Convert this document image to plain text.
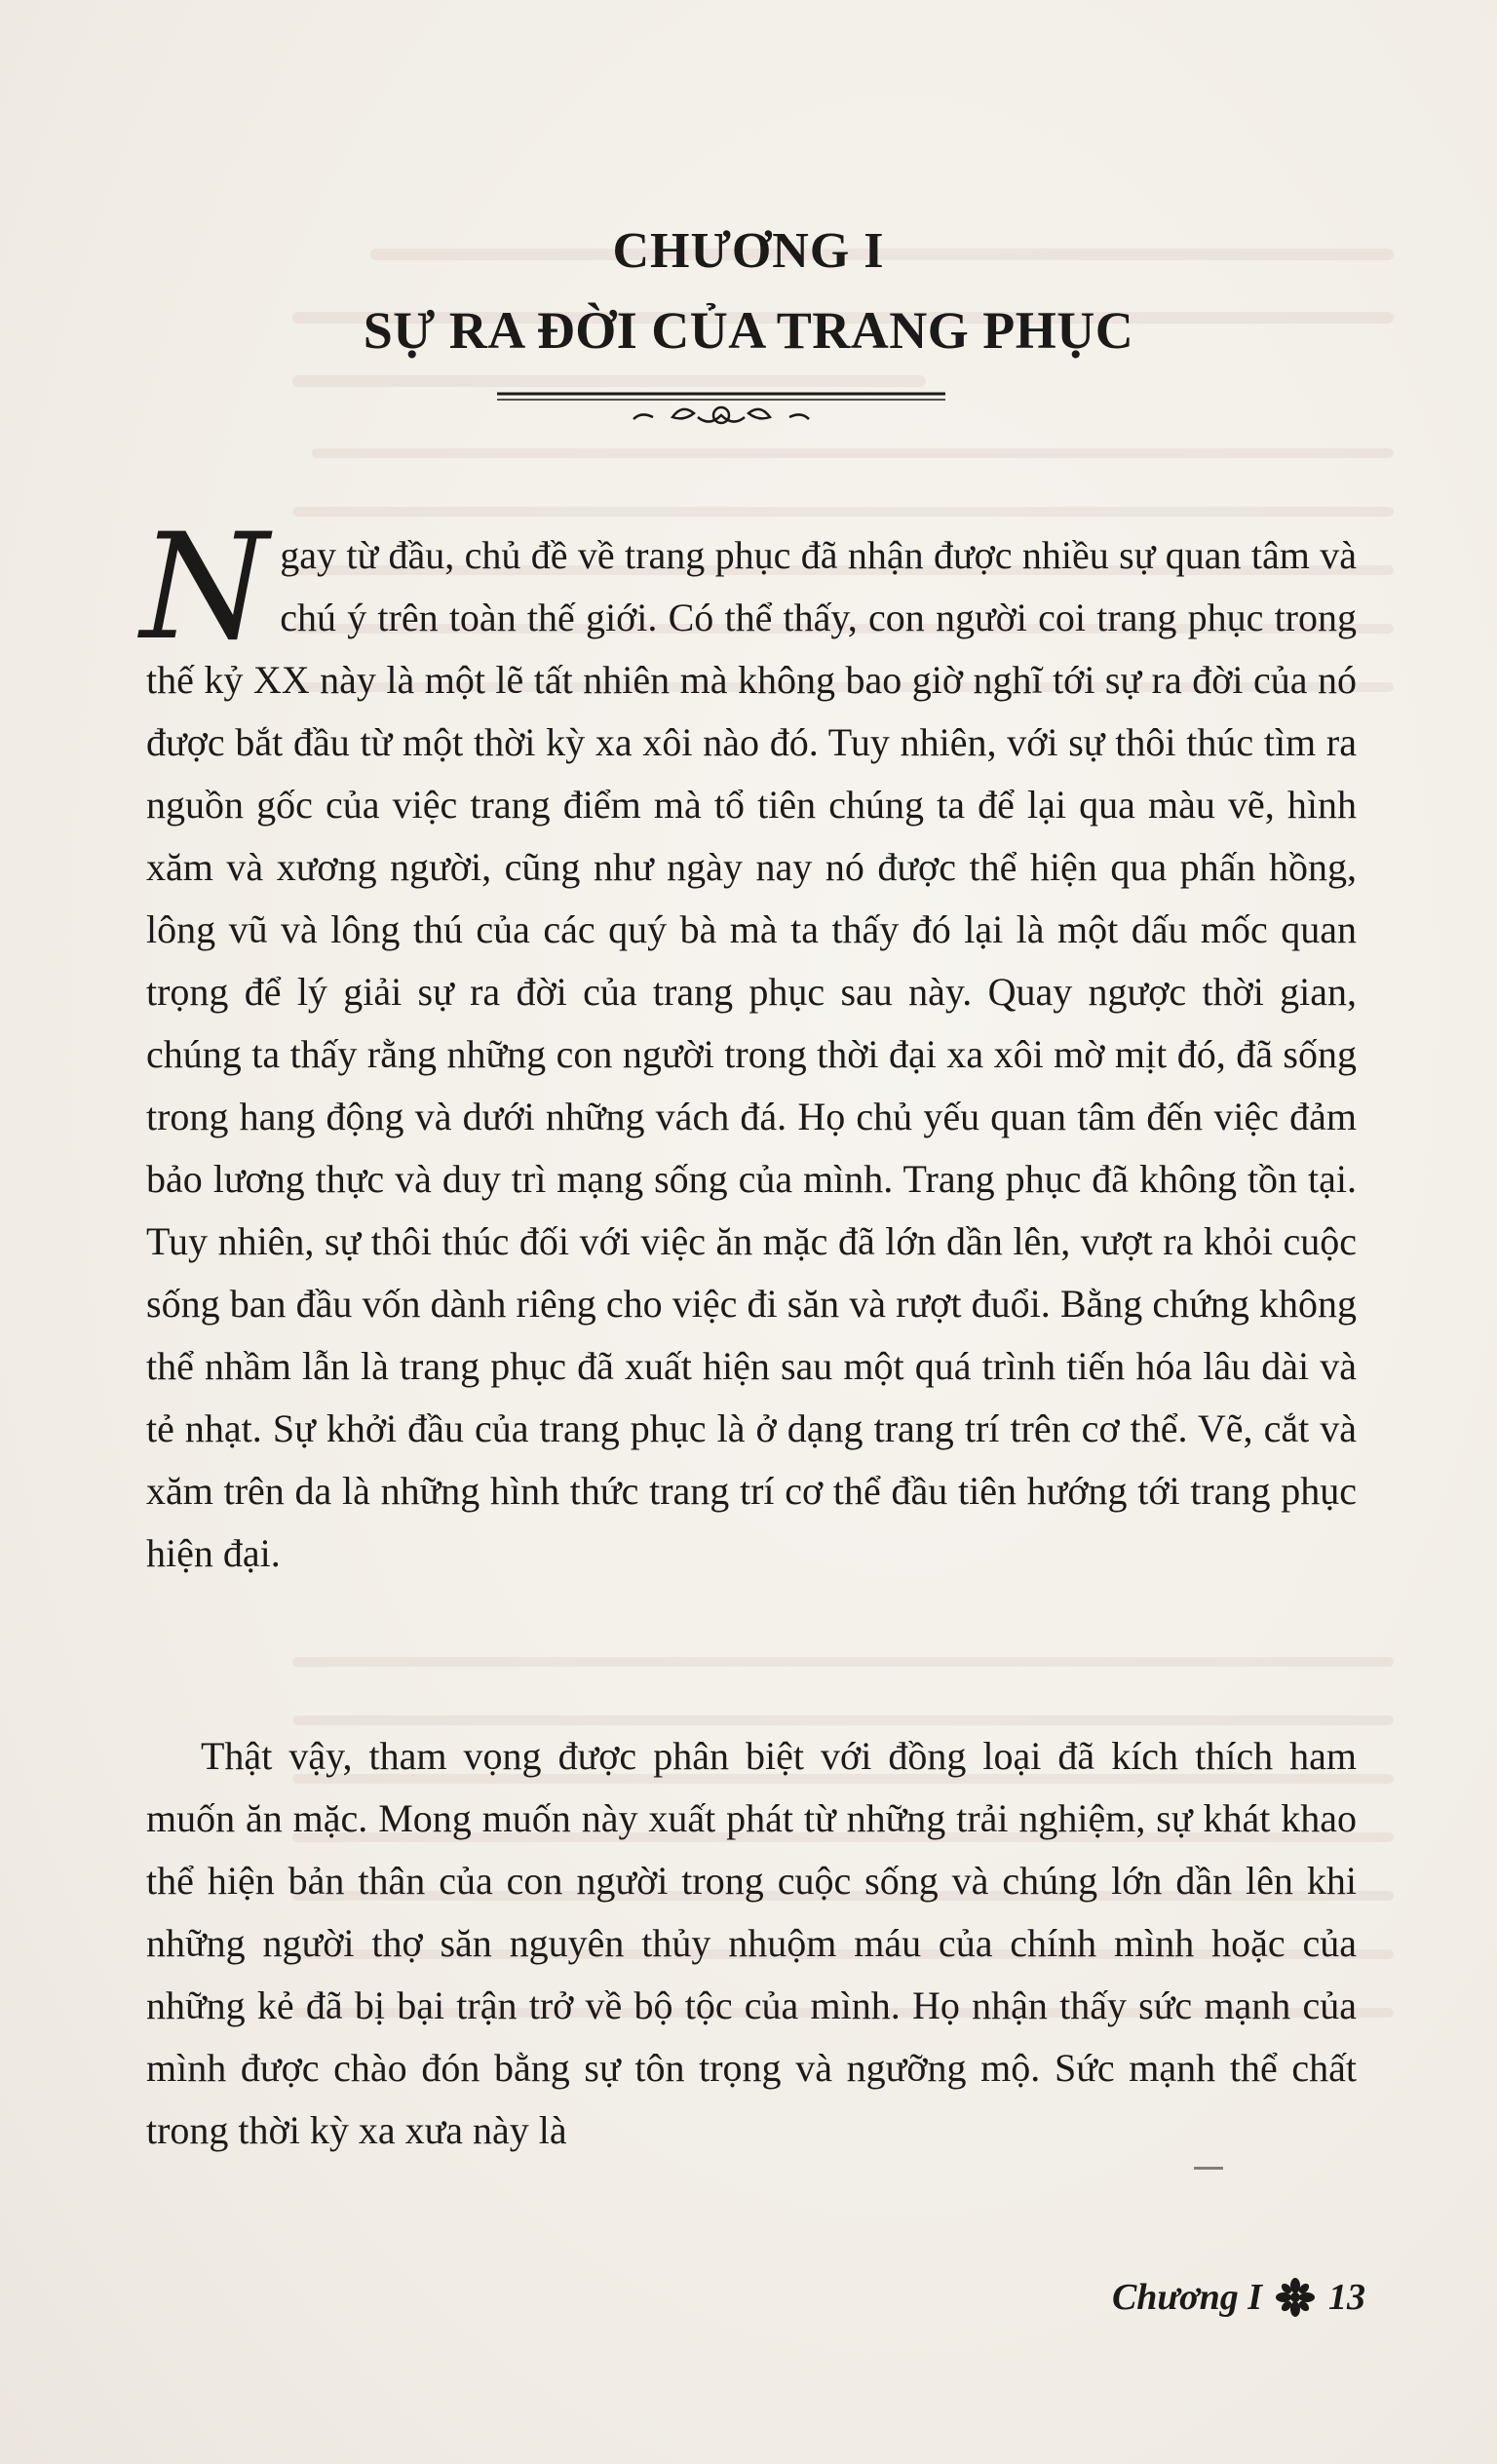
CHƯƠNG I
SỰ RA ĐỜI CỦA TRANG PHỤC
Ngay từ đầu, chủ đề về trang phục đã nhận được nhiều sự quan tâm và chú ý trên toàn thế giới. Có thể thấy, con người coi trang phục trong thế kỷ XX này là một lẽ tất nhiên mà không bao giờ nghĩ tới sự ra đời của nó được bắt đầu từ một thời kỳ xa xôi nào đó. Tuy nhiên, với sự thôi thúc tìm ra nguồn gốc của việc trang điểm mà tổ tiên chúng ta để lại qua màu vẽ, hình xăm và xương người, cũng như ngày nay nó được thể hiện qua phấn hồng, lông vũ và lông thú của các quý bà mà ta thấy đó lại là một dấu mốc quan trọng để lý giải sự ra đời của trang phục sau này. Quay ngược thời gian, chúng ta thấy rằng những con người trong thời đại xa xôi mờ mịt đó, đã sống trong hang động và dưới những vách đá. Họ chủ yếu quan tâm đến việc đảm bảo lương thực và duy trì mạng sống của mình. Trang phục đã không tồn tại. Tuy nhiên, sự thôi thúc đối với việc ăn mặc đã lớn dần lên, vượt ra khỏi cuộc sống ban đầu vốn dành riêng cho việc đi săn và rượt đuổi. Bằng chứng không thể nhầm lẫn là trang phục đã xuất hiện sau một quá trình tiến hóa lâu dài và tẻ nhạt. Sự khởi đầu của trang phục là ở dạng trang trí trên cơ thể. Vẽ, cắt và xăm trên da là những hình thức trang trí cơ thể đầu tiên hướng tới trang phục hiện đại.
Thật vậy, tham vọng được phân biệt với đồng loại đã kích thích ham muốn ăn mặc. Mong muốn này xuất phát từ những trải nghiệm, sự khát khao thể hiện bản thân của con người trong cuộc sống và chúng lớn dần lên khi những người thợ săn nguyên thủy nhuộm máu của chính mình hoặc của những kẻ đã bị bại trận trở về bộ tộc của mình. Họ nhận thấy sức mạnh của mình được chào đón bằng sự tôn trọng và ngưỡng mộ. Sức mạnh thể chất trong thời kỳ xa xưa này là
Chương I 13
